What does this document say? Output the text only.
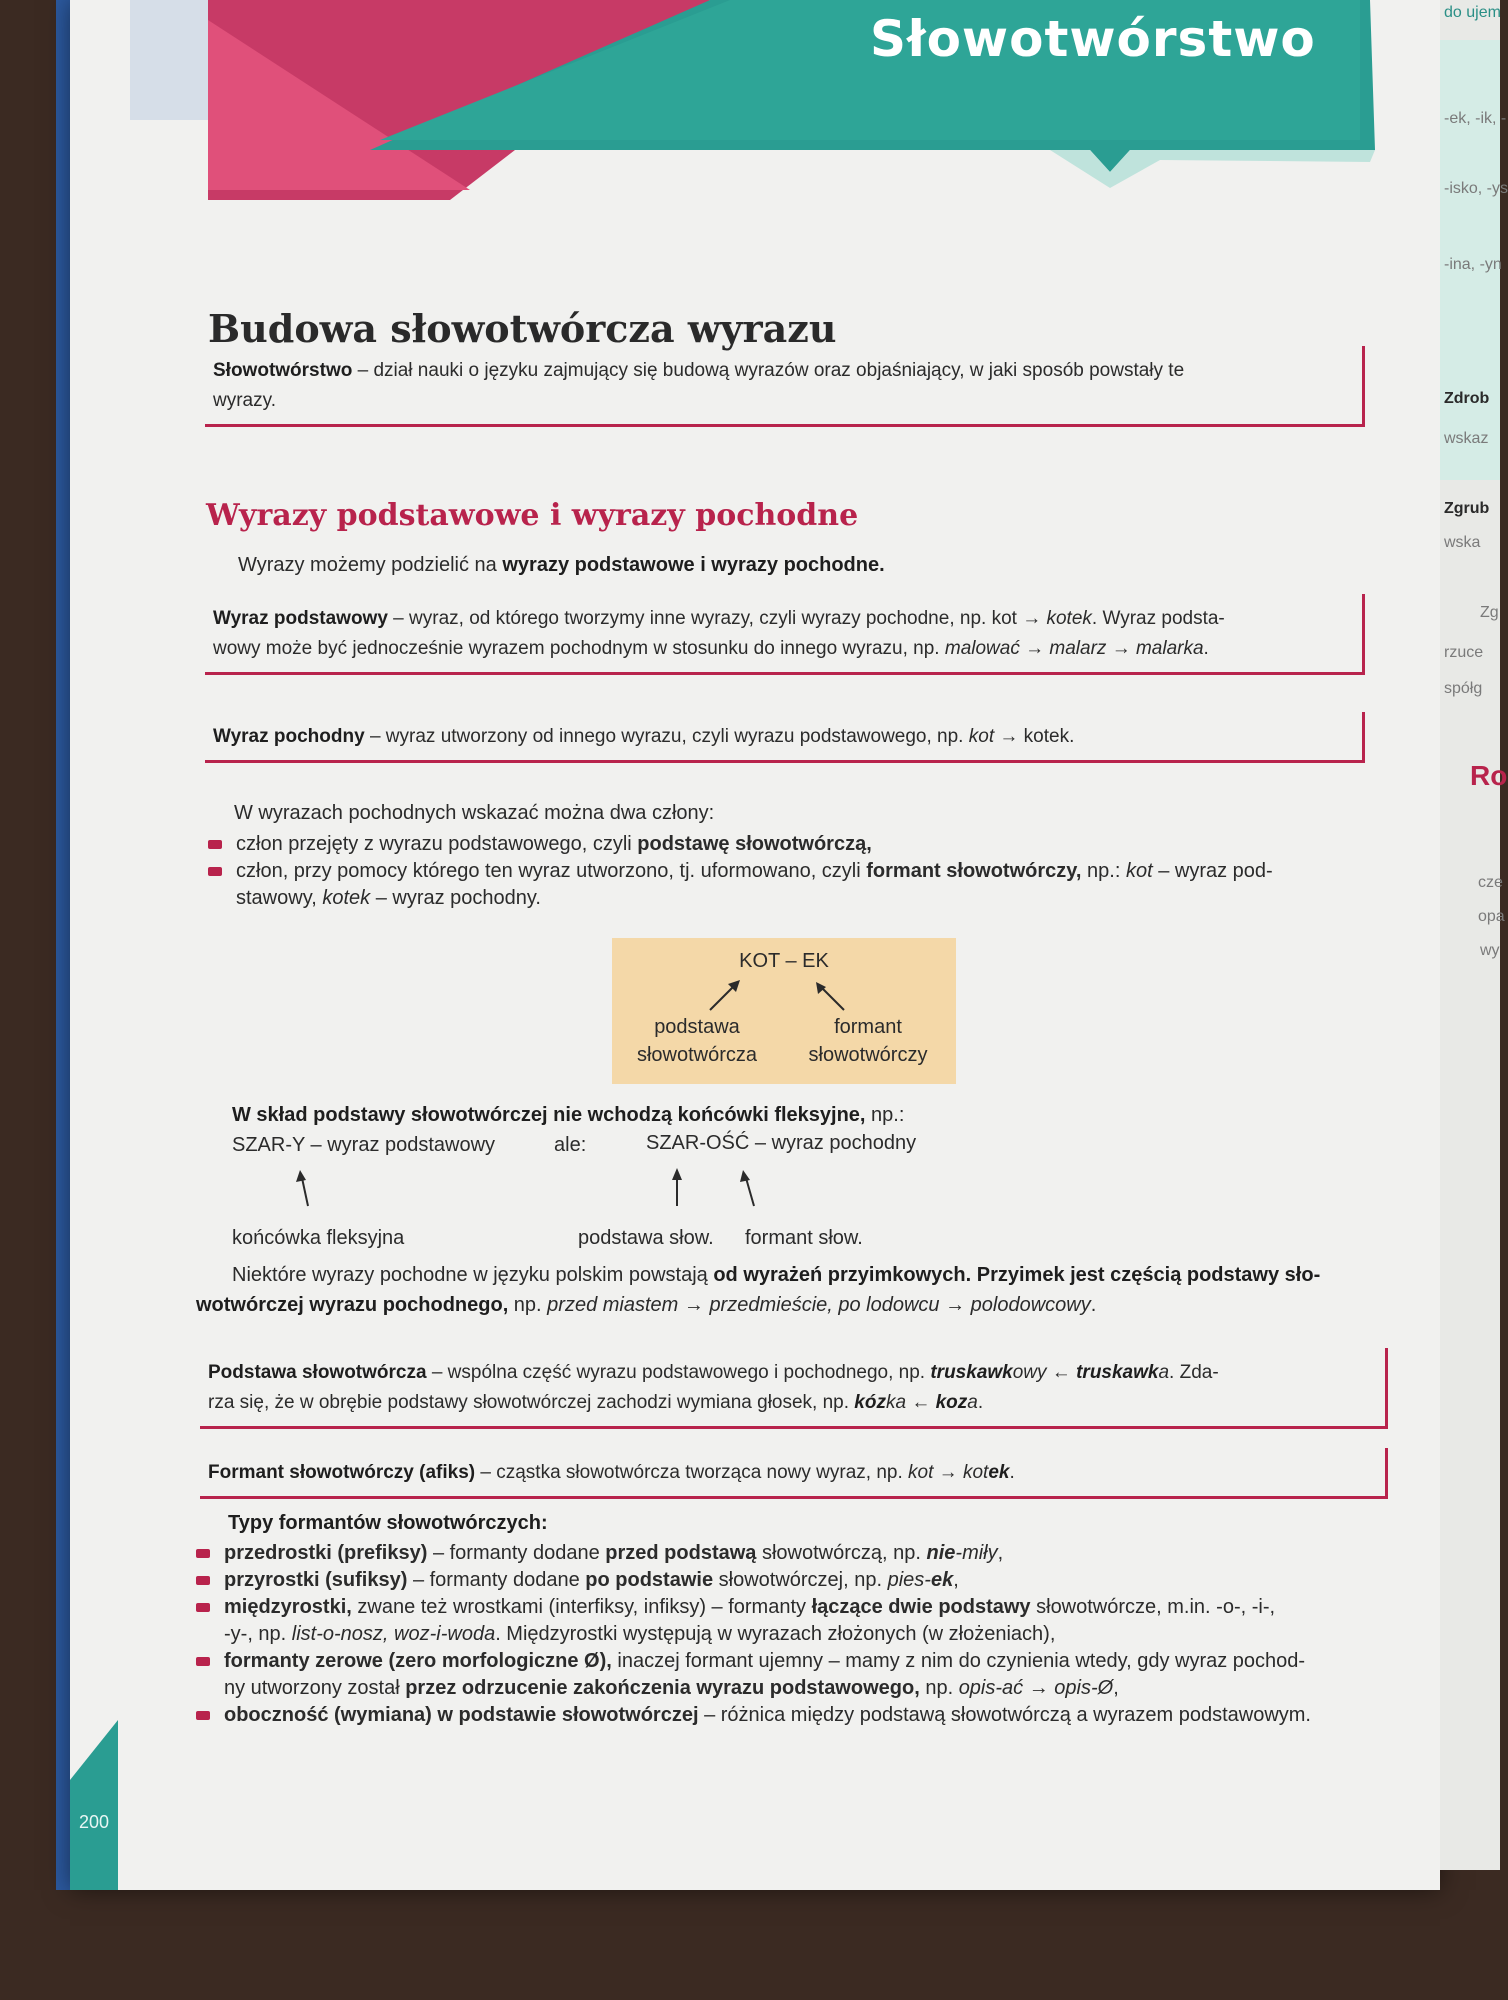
Słowotwórstwo
Budowa słowotwórcza wyrazu
Słowotwórstwo – dział nauki o języku zajmujący się budową wyrazów oraz objaśniający, w jaki sposób powstały te
wyrazy.
Wyrazy podstawowe i wyrazy pochodne
Wyrazy możemy podzielić na wyrazy podstawowe i wyrazy pochodne.
Wyraz podstawowy – wyraz, od którego tworzymy inne wyrazy, czyli wyrazy pochodne, np. kot → kotek. Wyraz podsta-
wowy może być jednocześnie wyrazem pochodnym w stosunku do innego wyrazu, np. malować → malarz → malarka.
Wyraz pochodny – wyraz utworzony od innego wyrazu, czyli wyrazu podstawowego, np. kot → kotek.
W wyrazach pochodnych wskazać można dwa człony:
człon przejęty z wyrazu podstawowego, czyli podstawę słowotwórczą,
człon, przy pomocy którego ten wyraz utworzono, tj. uformowano, czyli formant słowotwórczy, np.: kot – wyraz pod-
stawowy, kotek – wyraz pochodny.
KOT – EK
podstawa
słowotwórcza
formant
słowotwórczy
W skład podstawy słowotwórczej nie wchodzą końcówki fleksyjne, np.:
SZAR-Y – wyraz podstawowy	ale:	SZAR-OŚĆ – wyraz pochodny
końcówka fleksyjna	podstawa słow. formant słow.
Niektóre wyrazy pochodne w języku polskim powstają od wyrażeń przyimkowych. Przyimek jest częścią podstawy sło-
wotwórczej wyrazu pochodnego, np. przed miastem → przedmieście, po lodowcu → polodowcowy.
Podstawa słowotwórcza – wspólna część wyrazu podstawowego i pochodnego, np. truskawkowy ← truskawka. Zda-
rza się, że w obrębie podstawy słowotwórczej zachodzi wymiana głosek, np. kózka ← koza.
Formant słowotwórczy (afiks) – cząstka słowotwórcza tworząca nowy wyraz, np. kot → kotek.
Typy formantów słowotwórczych:
przedrostki (prefiksy) – formanty dodane przed podstawą słowotwórczą, np. nie-miły,
przyrostki (sufiksy) – formanty dodane po podstawie słowotwórczej, np. pies-ek,
międzyrostki, zwane też wrostkami (interfiksy, infiksy) – formanty łączące dwie podstawy słowotwórcze, m.in. -o-, -i-,
-y-, np. list-o-nosz, woz-i-woda. Międzyrostki występują w wyrazach złożonych (w złożeniach),
formanty zerowe (zero morfologiczne Ø), inaczej formant ujemny – mamy z nim do czynienia wtedy, gdy wyraz pochod-
ny utworzony został przez odrzucenie zakończenia wyrazu podstawowego, np. opis-ać → opis-Ø,
oboczność (wymiana) w podstawie słowotwórczej – różnica między podstawą słowotwórczą a wyrazem podstawowym.
200
do ujem
-ek, -ik, -
-isko, -ys
-ina, -yn
Zdrob
wskaz
Zgrub
wska
Zg
rzuce
spółg
Ro
cze
opa
wy
